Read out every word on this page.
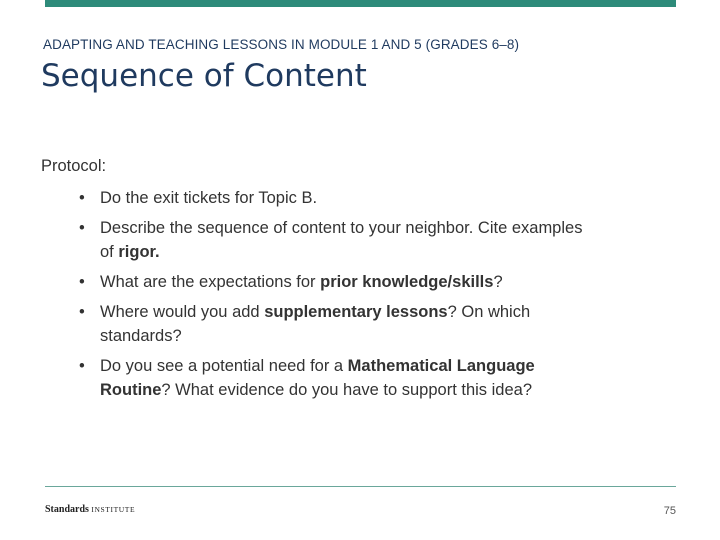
ADAPTING AND TEACHING LESSONS IN MODULE 1 AND 5 (GRADES 6–8)
Sequence of Content
Protocol:
• Do the exit tickets for Topic B.
• Describe the sequence of content to your neighbor. Cite examples of rigor.
• What are the expectations for prior knowledge/skills?
• Where would you add supplementary lessons? On which standards?
• Do you see a potential need for a Mathematical Language Routine? What evidence do you have to support this idea?
Standards INSTITUTE	75
